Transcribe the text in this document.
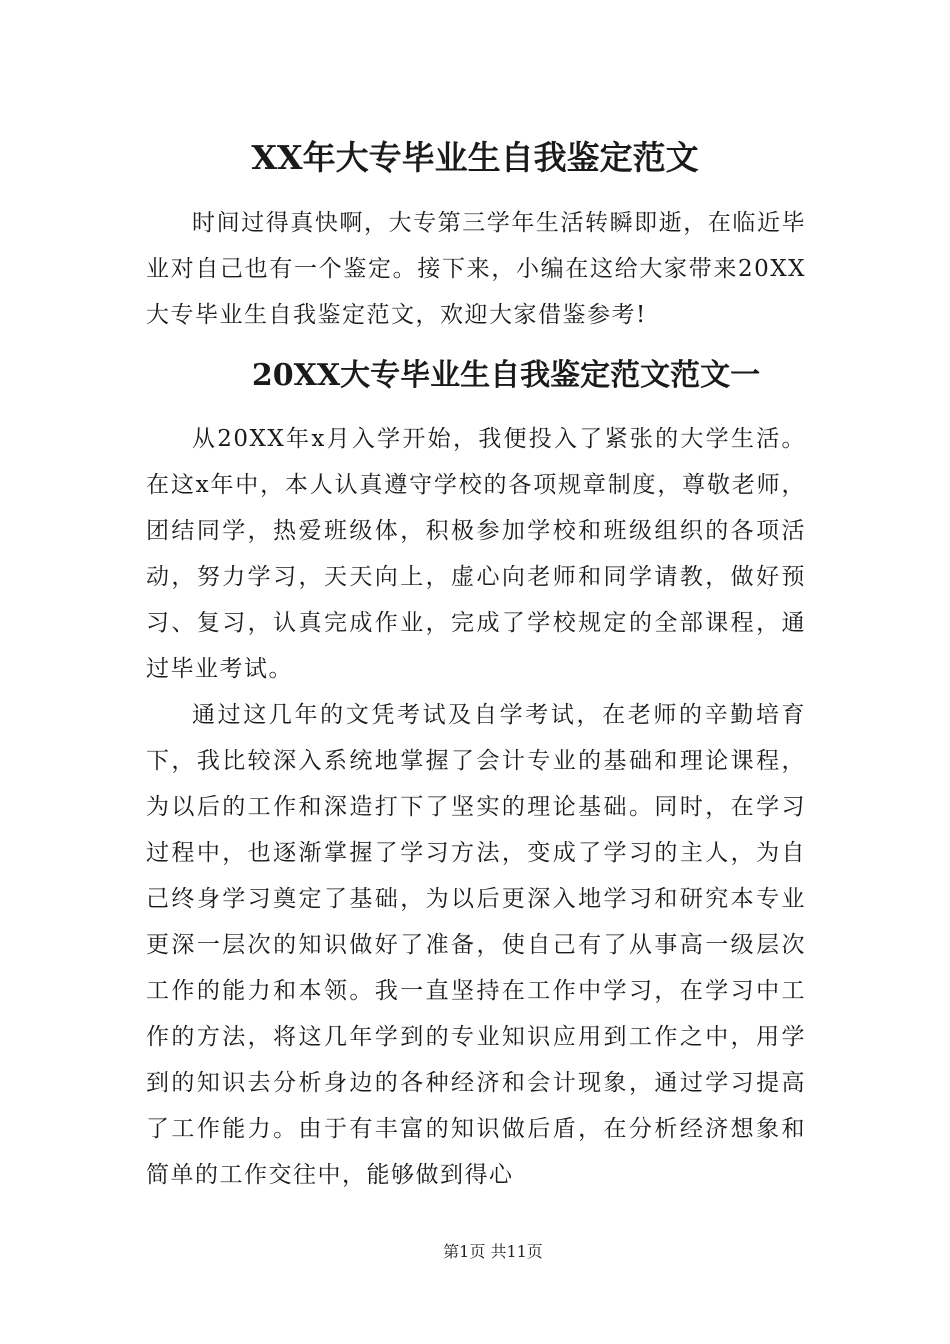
XX年大专毕业生自我鉴定范文

时间过得真快啊，大专第三学年生活转瞬即逝，在临近毕业对自己也有一个鉴定。接下来，小编在这给大家带来20XX大专毕业生自我鉴定范文，欢迎大家借鉴参考!

20XX大专毕业生自我鉴定范文范文一

从20XX年x月入学开始，我便投入了紧张的大学生活。在这x年中，本人认真遵守学校的各项规章制度，尊敬老师，团结同学，热爱班级体，积极参加学校和班级组织的各项活动，努力学习，天天向上，虚心向老师和同学请教，做好预习、复习，认真完成作业，完成了学校规定的全部课程，通过毕业考试。

通过这几年的文凭考试及自学考试，在老师的辛勤培育下，我比较深入系统地掌握了会计专业的基础和理论课程，为以后的工作和深造打下了坚实的理论基础。同时，在学习过程中，也逐渐掌握了学习方法，变成了学习的主人，为自己终身学习奠定了基础，为以后更深入地学习和研究本专业更深一层次的知识做好了准备，使自己有了从事高一级层次工作的能力和本领。我一直坚持在工作中学习，在学习中工作的方法，将这几年学到的专业知识应用到工作之中，用学到的知识去分析身边的各种经济和会计现象，通过学习提高了工作能力。由于有丰富的知识做后盾，在分析经济想象和简单的工作交往中，能够做到得心

第1页 共11页
